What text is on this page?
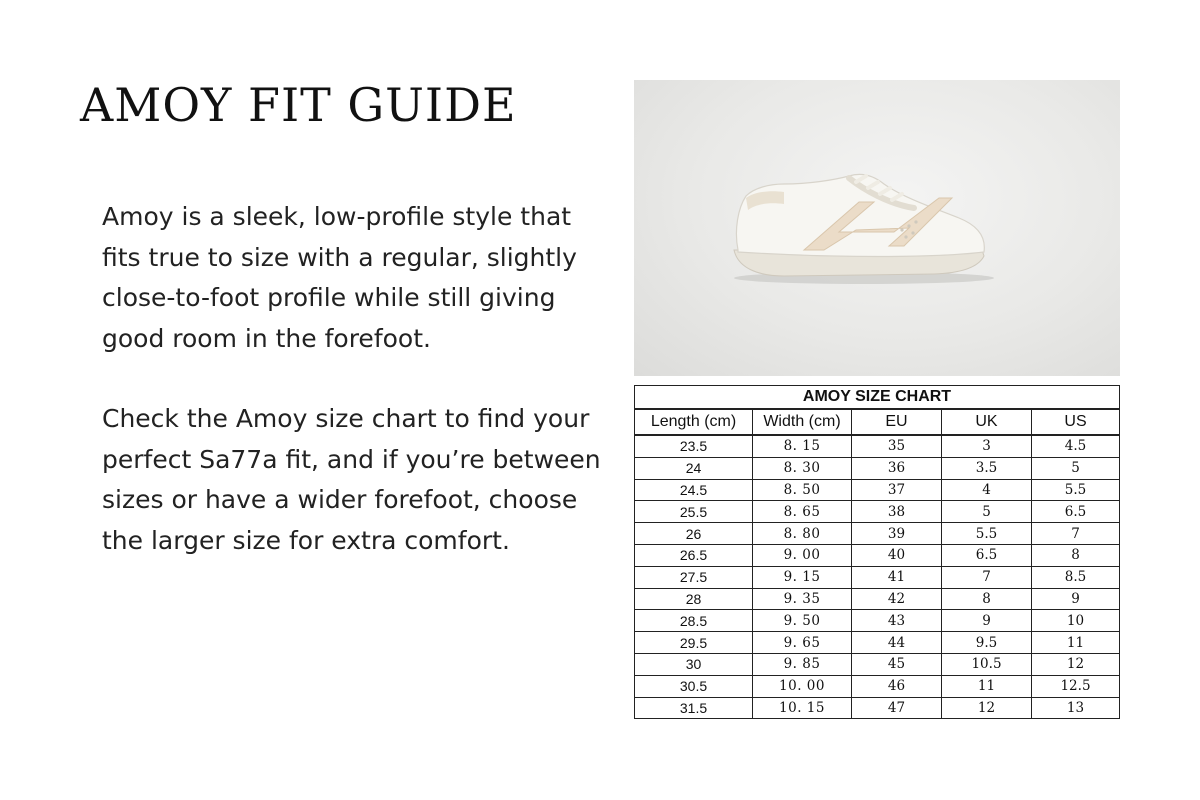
AMOY FIT GUIDE

Amoy is a sleek, low-profile style that fits true to size with a regular, slightly close-to-foot profile while still giving good room in the forefoot.

Check the Amoy size chart to find your perfect Sa77a fit, and if you’re between sizes or have a wider forefoot, choose the larger size for extra comfort.

AMOY SIZE CHART				
Length (cm)	Width (cm)	EU	UK	US
23.5	8. 15	35	3	4.5
24	8. 30	36	3.5	5
24.5	8. 50	37	4	5.5
25.5	8. 65	38	5	6.5
26	8. 80	39	5.5	7
26.5	9. 00	40	6.5	8
27.5	9. 15	41	7	8.5
28	9. 35	42	8	9
28.5	9. 50	43	9	10
29.5	9. 65	44	9.5	11
30	9. 85	45	10.5	12
30.5	10. 00	46	11	12.5
31.5	10. 15	47	12	13
